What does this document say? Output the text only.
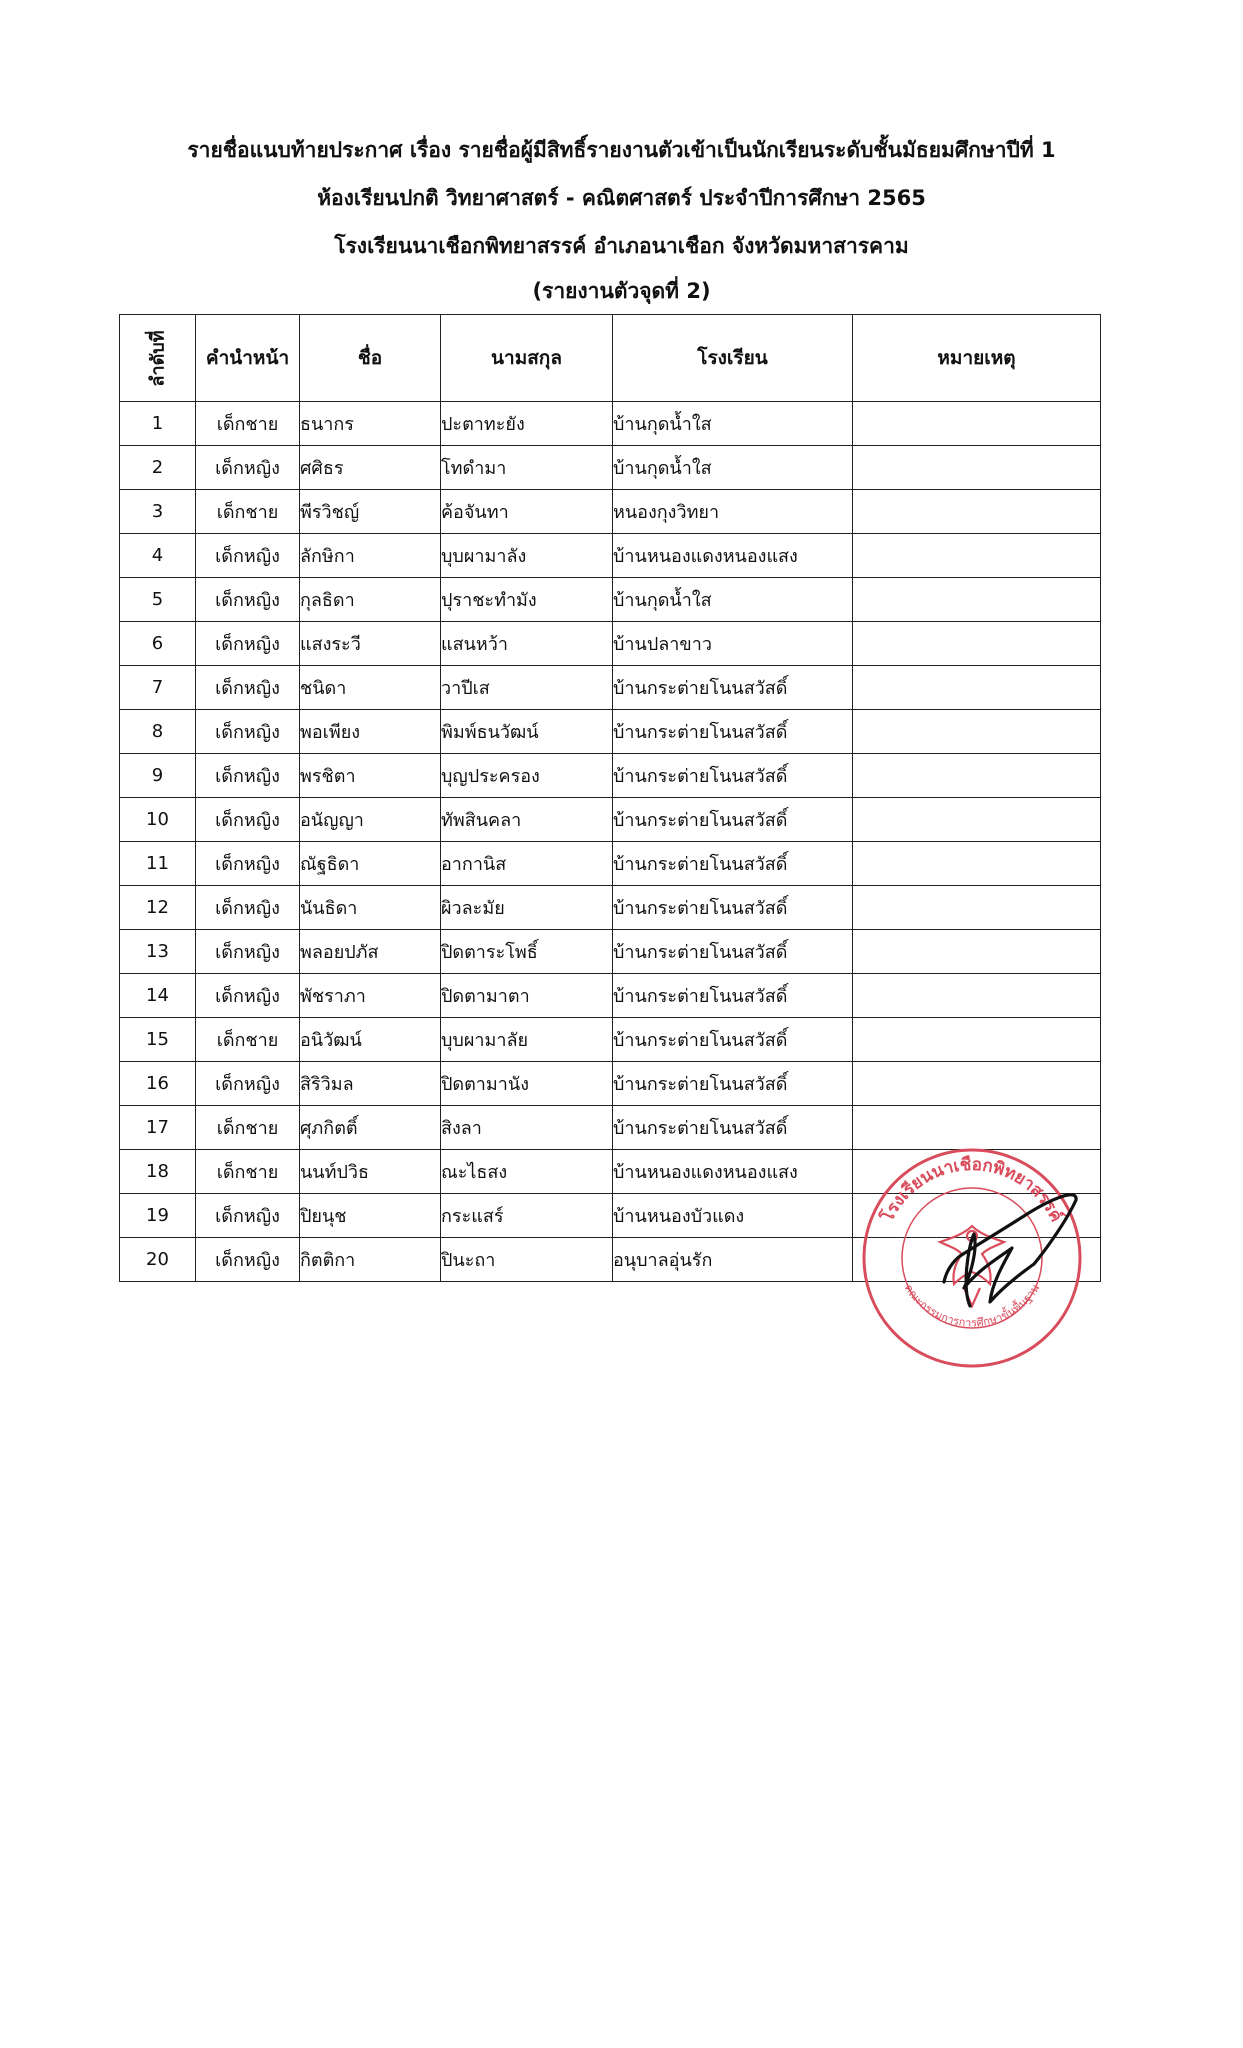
รายชื่อแนบท้ายประกาศ เรื่อง รายชื่อผู้มีสิทธิ์รายงานตัวเข้าเป็นนักเรียนระดับชั้นมัธยมศึกษาปีที่ 1
ห้องเรียนปกติ วิทยาศาสตร์ - คณิตศาสตร์ ประจำปีการศึกษา 2565
โรงเรียนนาเชือกพิทยาสรรค์ อำเภอนาเชือก จังหวัดมหาสารคาม
(รายงานตัวจุดที่ 2)
ลำดับที่	คำนำหน้า	ชื่อ	นามสกุล	โรงเรียน	หมายเหตุ
1	เด็กชาย	ธนากร	ปะตาทะยัง	บ้านกุดน้ำใส	
2	เด็กหญิง	ศศิธร	โทดำมา	บ้านกุดน้ำใส	
3	เด็กชาย	พีรวิชญ์	ค้อจันทา	หนองกุงวิทยา	
4	เด็กหญิง	ลักษิกา	บุบผามาลัง	บ้านหนองแดงหนองแสง	
5	เด็กหญิง	กุลธิดา	ปุราชะทำมัง	บ้านกุดน้ำใส	
6	เด็กหญิง	แสงระวี	แสนหว้า	บ้านปลาขาว	
7	เด็กหญิง	ชนิดา	วาปีเส	บ้านกระต่ายโนนสวัสดิ์	
8	เด็กหญิง	พอเพียง	พิมพ์ธนวัฒน์	บ้านกระต่ายโนนสวัสดิ์	
9	เด็กหญิง	พรชิตา	บุญประครอง	บ้านกระต่ายโนนสวัสดิ์	
10	เด็กหญิง	อนัญญา	ทัพสินคลา	บ้านกระต่ายโนนสวัสดิ์	
11	เด็กหญิง	ณัฐธิดา	อากานิส	บ้านกระต่ายโนนสวัสดิ์	
12	เด็กหญิง	นันธิดา	ผิวละมัย	บ้านกระต่ายโนนสวัสดิ์	
13	เด็กหญิง	พลอยปภัส	ปิดตาระโพธิ์	บ้านกระต่ายโนนสวัสดิ์	
14	เด็กหญิง	พัชราภา	ปิดตามาตา	บ้านกระต่ายโนนสวัสดิ์	
15	เด็กชาย	อนิวัฒน์	บุบผามาลัย	บ้านกระต่ายโนนสวัสดิ์	
16	เด็กหญิง	สิริวิมล	ปิดตามานัง	บ้านกระต่ายโนนสวัสดิ์	
17	เด็กชาย	ศุภกิตติ์	สิงลา	บ้านกระต่ายโนนสวัสดิ์	
18	เด็กชาย	นนท์ปวิธ	ณะไธสง	บ้านหนองแดงหนองแสง	
19	เด็กหญิง	ปิยนุช	กระแสร์	บ้านหนองบัวแดง	
20	เด็กหญิง	กิตติกา	ปินะถา	อนุบาลอุ่นรัก	
โรงเรียนนาเชือกพิทยาสรรค์
คณะกรรมการการศึกษาขั้นพื้นฐาน
